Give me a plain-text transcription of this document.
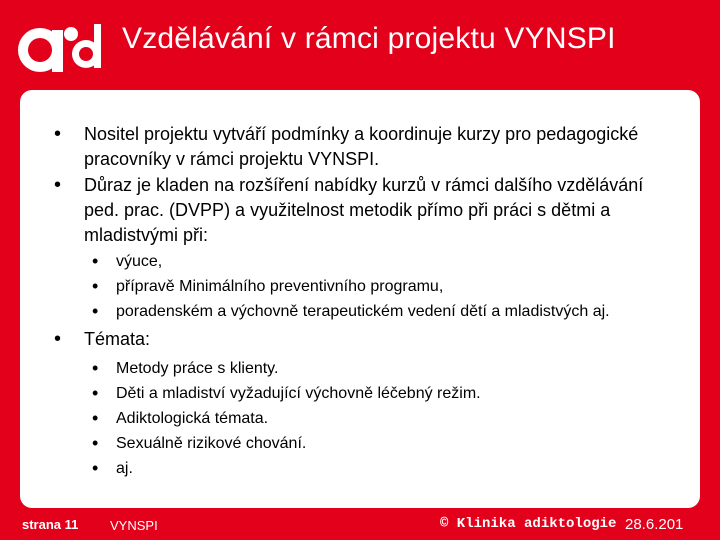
Vzdělávání v rámci projektu VYNSPI
• Nositel projektu vytváří podmínky a koordinuje kurzy pro pedagogické pracovníky v rámci projektu VYNSPI.
• Důraz je kladen na rozšíření nabídky kurzů v rámci dalšího vzdělávání ped. prac. (DVPP) a využitelnost metodik přímo při práci s dětmi a mladistvými při:
• výuce,
• přípravě Minimálního preventivního programu,
• poradenském a výchovně terapeutickém vedení dětí a mladistvých aj.
• Témata:
• Metody práce s klienty.
• Děti a mladiství vyžadující výchovně léčebný režim.
• Adiktologická témata.
• Sexuálně rizikové chování.
• aj.
strana 11 VYNSPI	© Klinika adiktologie 28.6.201
